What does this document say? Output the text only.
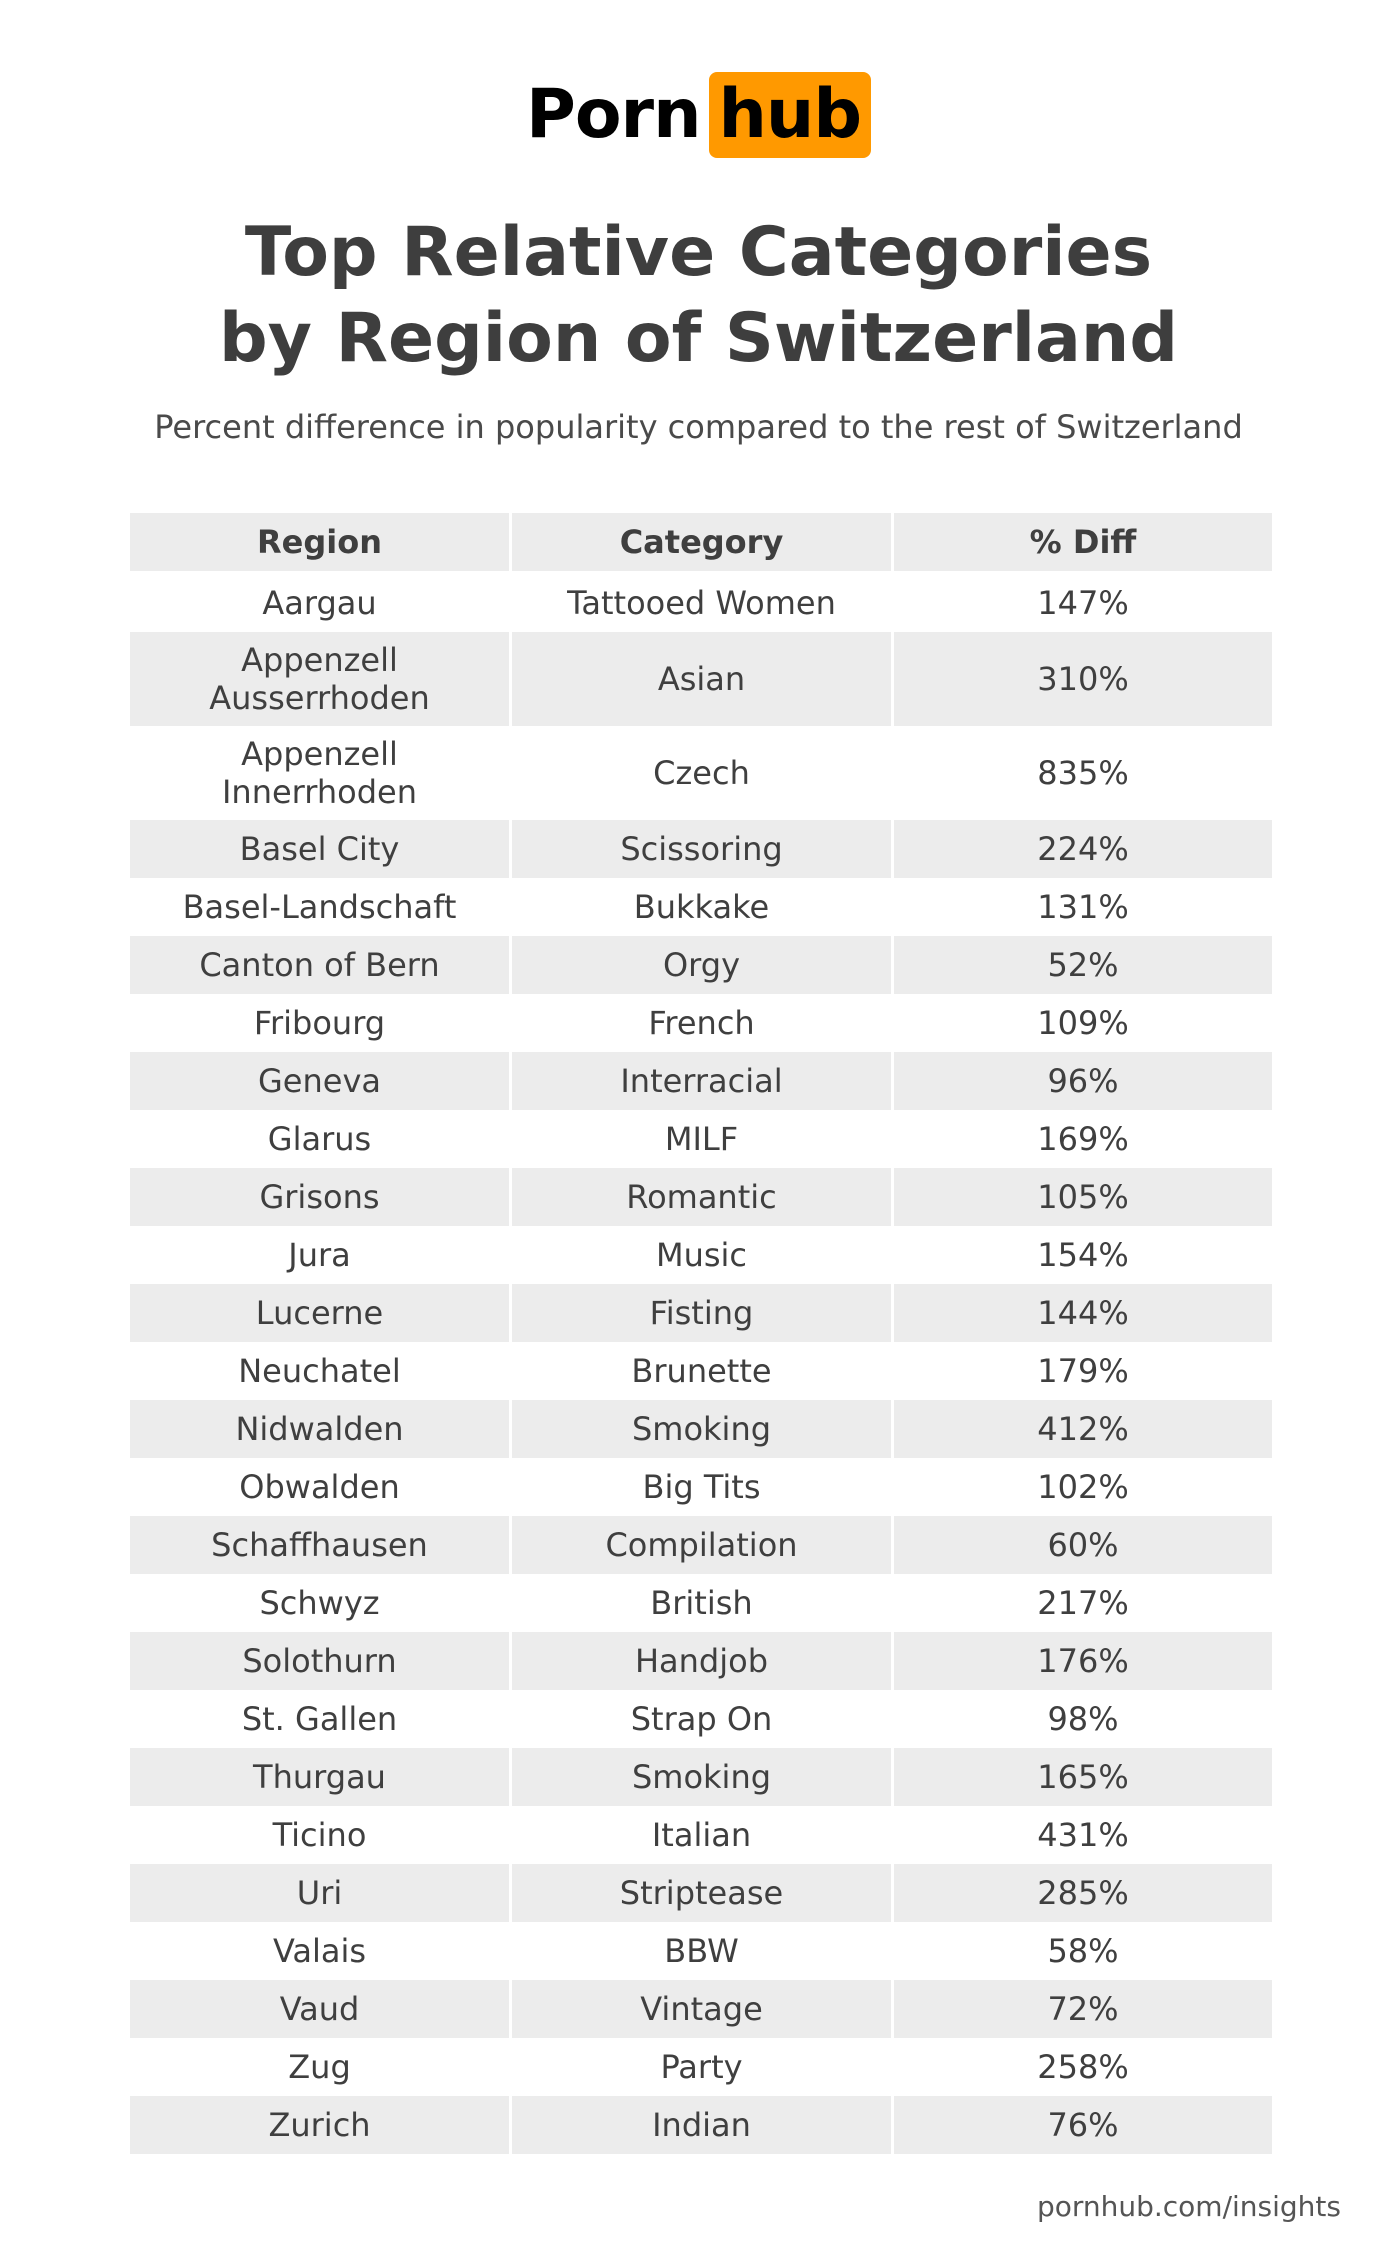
Porn hub
Top Relative Categories
by Region of Switzerland
Percent difference in popularity compared to the rest of Switzerland
Region	Category	% Diff
Aargau	Tattooed Women	147%
Appenzell Ausserrhoden	Asian	310%
Appenzell Innerrhoden	Czech	835%
Basel City	Scissoring	224%
Basel-Landschaft	Bukkake	131%
Canton of Bern	Orgy	52%
Fribourg	French	109%
Geneva	Interracial	96%
Glarus	MILF	169%
Grisons	Romantic	105%
Jura	Music	154%
Lucerne	Fisting	144%
Neuchatel	Brunette	179%
Nidwalden	Smoking	412%
Obwalden	Big Tits	102%
Schaffhausen	Compilation	60%
Schwyz	British	217%
Solothurn	Handjob	176%
St. Gallen	Strap On	98%
Thurgau	Smoking	165%
Ticino	Italian	431%
Uri	Striptease	285%
Valais	BBW	58%
Vaud	Vintage	72%
Zug	Party	258%
Zurich	Indian	76%
pornhub.com/insights
